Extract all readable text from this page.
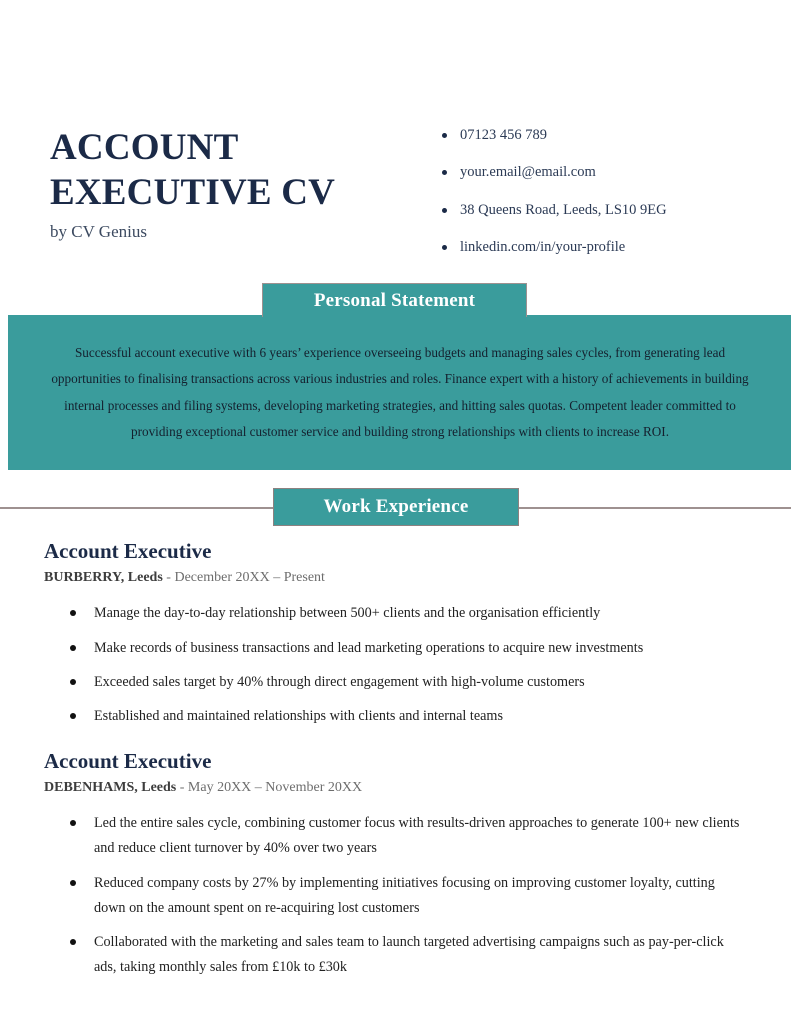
ACCOUNT EXECUTIVE CV
by CV Genius
07123 456 789
your.email@email.com
38 Queens Road, Leeds, LS10 9EG
linkedin.com/in/your-profile
Personal Statement
Successful account executive with 6 years’ experience overseeing budgets and managing sales cycles, from generating lead opportunities to finalising transactions across various industries and roles. Finance expert with a history of achievements in building internal processes and filing systems, developing marketing strategies, and hitting sales quotas. Competent leader committed to providing exceptional customer service and building strong relationships with clients to increase ROI.
Work Experience
Account Executive
BURBERRY, Leeds - December 20XX – Present
Manage the day-to-day relationship between 500+ clients and the organisation efficiently
Make records of business transactions and lead marketing operations to acquire new investments
Exceeded sales target by 40% through direct engagement with high-volume customers
Established and maintained relationships with clients and internal teams
Account Executive
DEBENHAMS, Leeds - May 20XX – November 20XX
Led the entire sales cycle, combining customer focus with results-driven approaches to generate 100+ new clients and reduce client turnover by 40% over two years
Reduced company costs by 27% by implementing initiatives focusing on improving customer loyalty, cutting down on the amount spent on re-acquiring lost customers
Collaborated with the marketing and sales team to launch targeted advertising campaigns such as pay-per-click ads, taking monthly sales from £10k to £30k
